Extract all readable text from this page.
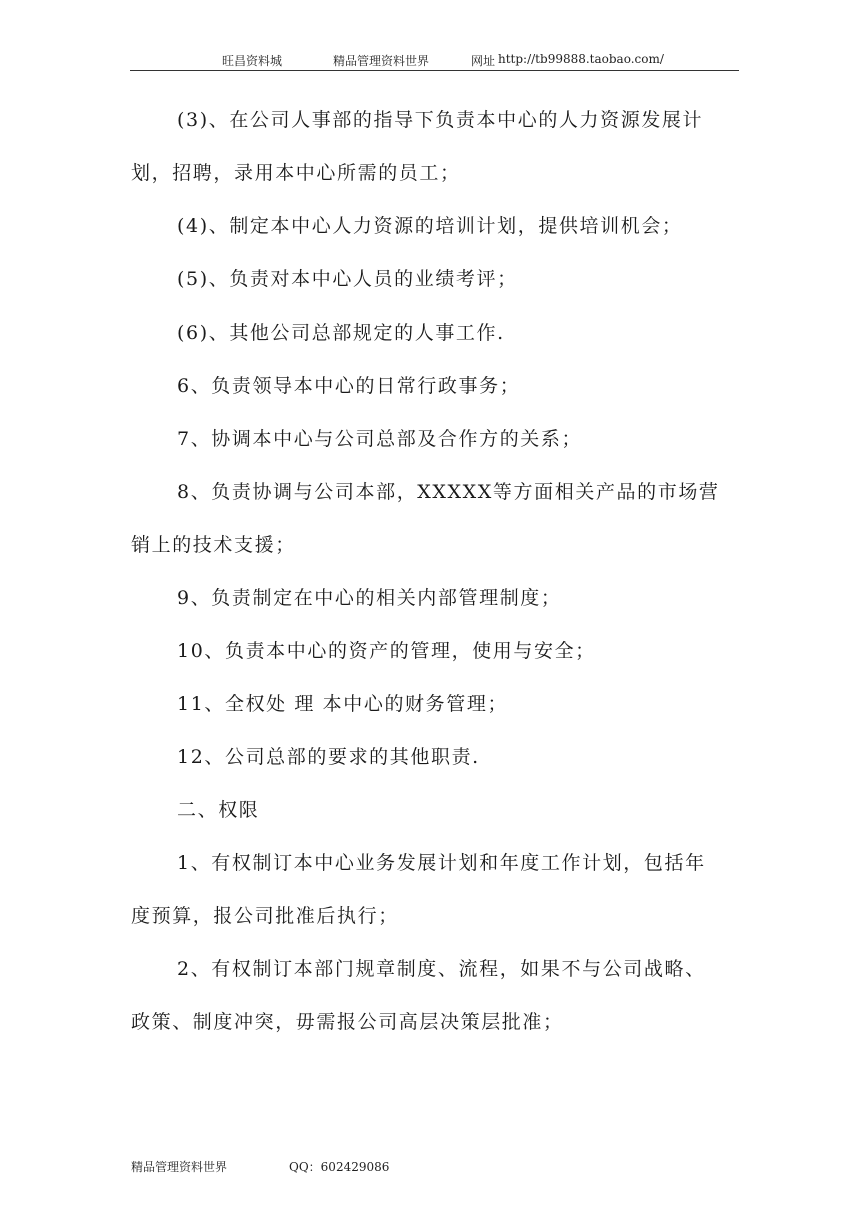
旺昌资料城	精品管理资料世界	网址 http://tb99888.taobao.com/
(3)、在公司人事部的指导下负责本中心的人力资源发展计
划，招聘，录用本中心所需的员工；
(4)、制定本中心人力资源的培训计划，提供培训机会；
(5)、负责对本中心人员的业绩考评；
(6)、其他公司总部规定的人事工作.
6、负责领导本中心的日常行政事务；
7、协调本中心与公司总部及合作方的关系；
8、负责协调与公司本部，XXXXX等方面相关产品的市场营
销上的技术支援；
9、负责制定在中心的相关内部管理制度；
10、负责本中心的资产的管理，使用与安全；
11、全权处 理 本中心的财务管理；
12、公司总部的要求的其他职责.
二、权限
1、有权制订本中心业务发展计划和年度工作计划，包括年
度预算，报公司批准后执行；
2、有权制订本部门规章制度、流程，如果不与公司战略、
政策、制度冲突，毋需报公司高层决策层批准；
精品管理资料世界	QQ：602429086
